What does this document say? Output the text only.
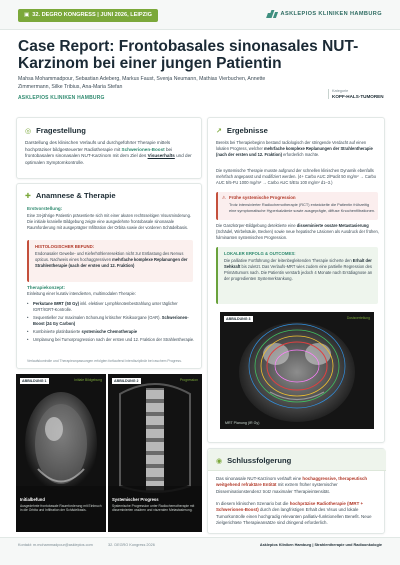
▣ 32. DEGRO KONGRESS | JUNI 2026, LEIPZIG	ASKLEPIOS KLINIKEN HAMBURG
Case Report: Frontobasales sinonasales NUT-Karzinom bei einer jungen Patientin
Mahsa Mohammadpour, Sebastian Adeberg, Markus Faust, Svenja Neumann, Mathias Vierbuchen, Annette Zimmermann, Silke Tribius, Ana-Maria Stefan
ASKLEPIOS KLINIKEN HAMBURG
Kategorie
KOPF-HALS-TUMOREN
◎ Fragestellung
Darstellung des klinischen Verlaufs und durchgeführter Therapie mittels hochpräziser bildgesteuerter Radiotherapie mit Schwerionen-Boost bei frontobasalem sinonasalen NUT-Karzinom mit dem Ziel des Visuserhalts und der optimalen Symptomkontrolle.
✚ Anamnese & Therapie
Erstvorstellung:
Eine 34-jährige Patientin präsentierte sich mit einer akuten rechtsseitigen Visusminderung. Die initiale kranielle Bildgebung zeigte eine ausgedehnte frontobasale sinonasale Raumforderung mit ausgeprägter Infiltration der Orbita sowie der vorderen Schädelbasis.
HISTOLOGISCHER BEFUND:
Endonasaler Gewebe- und Kieferhöhlenresektion nicht zur Entlastung des Nervus opticus. Nachweis eines hochaggressiven mehrfache komplexe Replanungen der Strahlentherapie (nach der ersten und 12. Fraktion)
Therapiekonzept:
Einleitung einer kurativ intendierten, multimodalen Therapie:
• Perkutane IMRT (50 Gy) inkl. elektiver Lymphknotenbestrahlung unter täglicher IGRT/IGRT-Kontrolle.
• Sequentieller zur maximalen Schonung kritischer Risikoorgane (OAR). Schwerionen-Boost (24 Gy Carbon)
• Kombinierte platinbasierte systemische Chemotherapie
• Umplanung bei Tumorprogression nach der ersten und 12. Fraktion der Strahlentherapie.
Verlaufskontrolle und Therapieanpassungen erfolgten fortlaufend interdisziplinär bei raschem Progress.
ABBILDUNG 1	Initiale Bildgebung
Initialbefund
Ausgedehnte frontobasale Raumforderung mit Einbruch in die Orbita und Infiltration der Schädelbasis.
ABBILDUNG 2	Progression
Systemischer Progress
Systemische Progression unter Radiochemotherapie mit disseminierten ossären und viszeralen Metastasierung.
↗ Ergebnisse
Bereits bei Therapiebeginn bestand radiologisch der stringende Verdacht auf einen lokalen Progress, welcher mehrfache komplexe Replanungen der Strahlentherapie (nach der ersten und 12. Fraktion) erforderlich machte.
Die systemische Therapie musste aufgrund der schnellen klinischen Dynamik ebenfalls mehrfach angepasst und modifiziert werden. (4+ Carbo AUC 2/Paclit 50 mg/m² → Carbo AUC 5/5-FU 1000 mg/m² → Carbo AUC 5/Eto 100 mg/m² d1–3.)
⚠ Frühe systemische Progression
Trotz intensivierter Radiochemotherapie (RCT) entwickelte die Patientin frühzeitig eine symptomatische Hyperkalzämie sowie ausgeprägte, diffuse Knochenfiltrationen.
Die Ganzkörper-Bildgebung detektierte eine disseminierte ossäre Metastasierung (Schädel, Wirbelsäule, Becken) sowie neue hepatische Läsionen als Ausdruck der frühen, fulminanten systemischen Progression.
LOKALER ERFOLG & OUTCOMES:
Die palliative Fortführung der leitenbegleitenden Therapie sicherte den Erhalt der Sehkraft bis zuletzt. Das Verlaufs-MRT wies zudem eine partielle Regression des Primärtumors nach. Die Patientin verstarb jedoch 4 Monate nach Erstdiagnose an der progredienten Systemerkrankung.
ABBILDUNG 3	Dosisverteilung
MRT Planung (IR Gy)
◉ Schlussfolgerung
Das sinonasale NUT-Karzinom verläuft eine hochaggressive, therapeutisch weitgehend refraktäre Entität mit extrem früher systemischer Disseminationstendenz trotz maximaler Therapieintensität.
In diesem klinischen Szenario bot die hochpräzise Radiotherapie (IMRT + Schwerionen-Boost) durch den langfristigen Erhalt des Visus und lokale Tumorkontrolle einen hochgradig relevanten palliativ-funktionellen Benefit. Neue zielgerichtete Therapieansätze sind dringend erforderlich.
Kontakt: m.mohammadpour@asklepios.com	32. DEGRO Kongress 2026	Asklepios Kliniken Hamburg | Strahlentherapie und Radioonkologie
